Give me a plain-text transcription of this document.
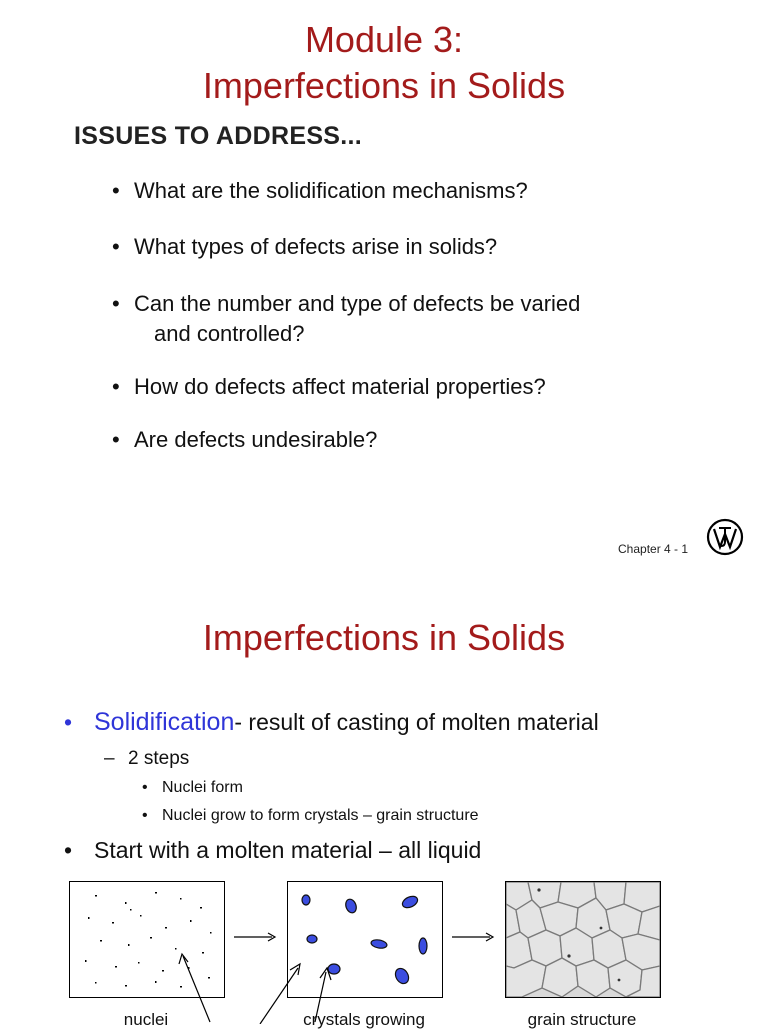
Module 3:
Imperfections in Solids
ISSUES TO ADDRESS...
• What are the solidification mechanisms?
• What types of defects arise in solids?
• Can the number and type of defects be varied
and controlled?
• How do defects affect material properties?
• Are defects undesirable?
Chapter 4 - 1
Imperfections in Solids
• Solidification- result of casting of molten material
– 2 steps
• Nuclei form
• Nuclei grow to form crystals – grain structure
• Start with a molten material – all liquid
nuclei	crystals growing	grain structure
